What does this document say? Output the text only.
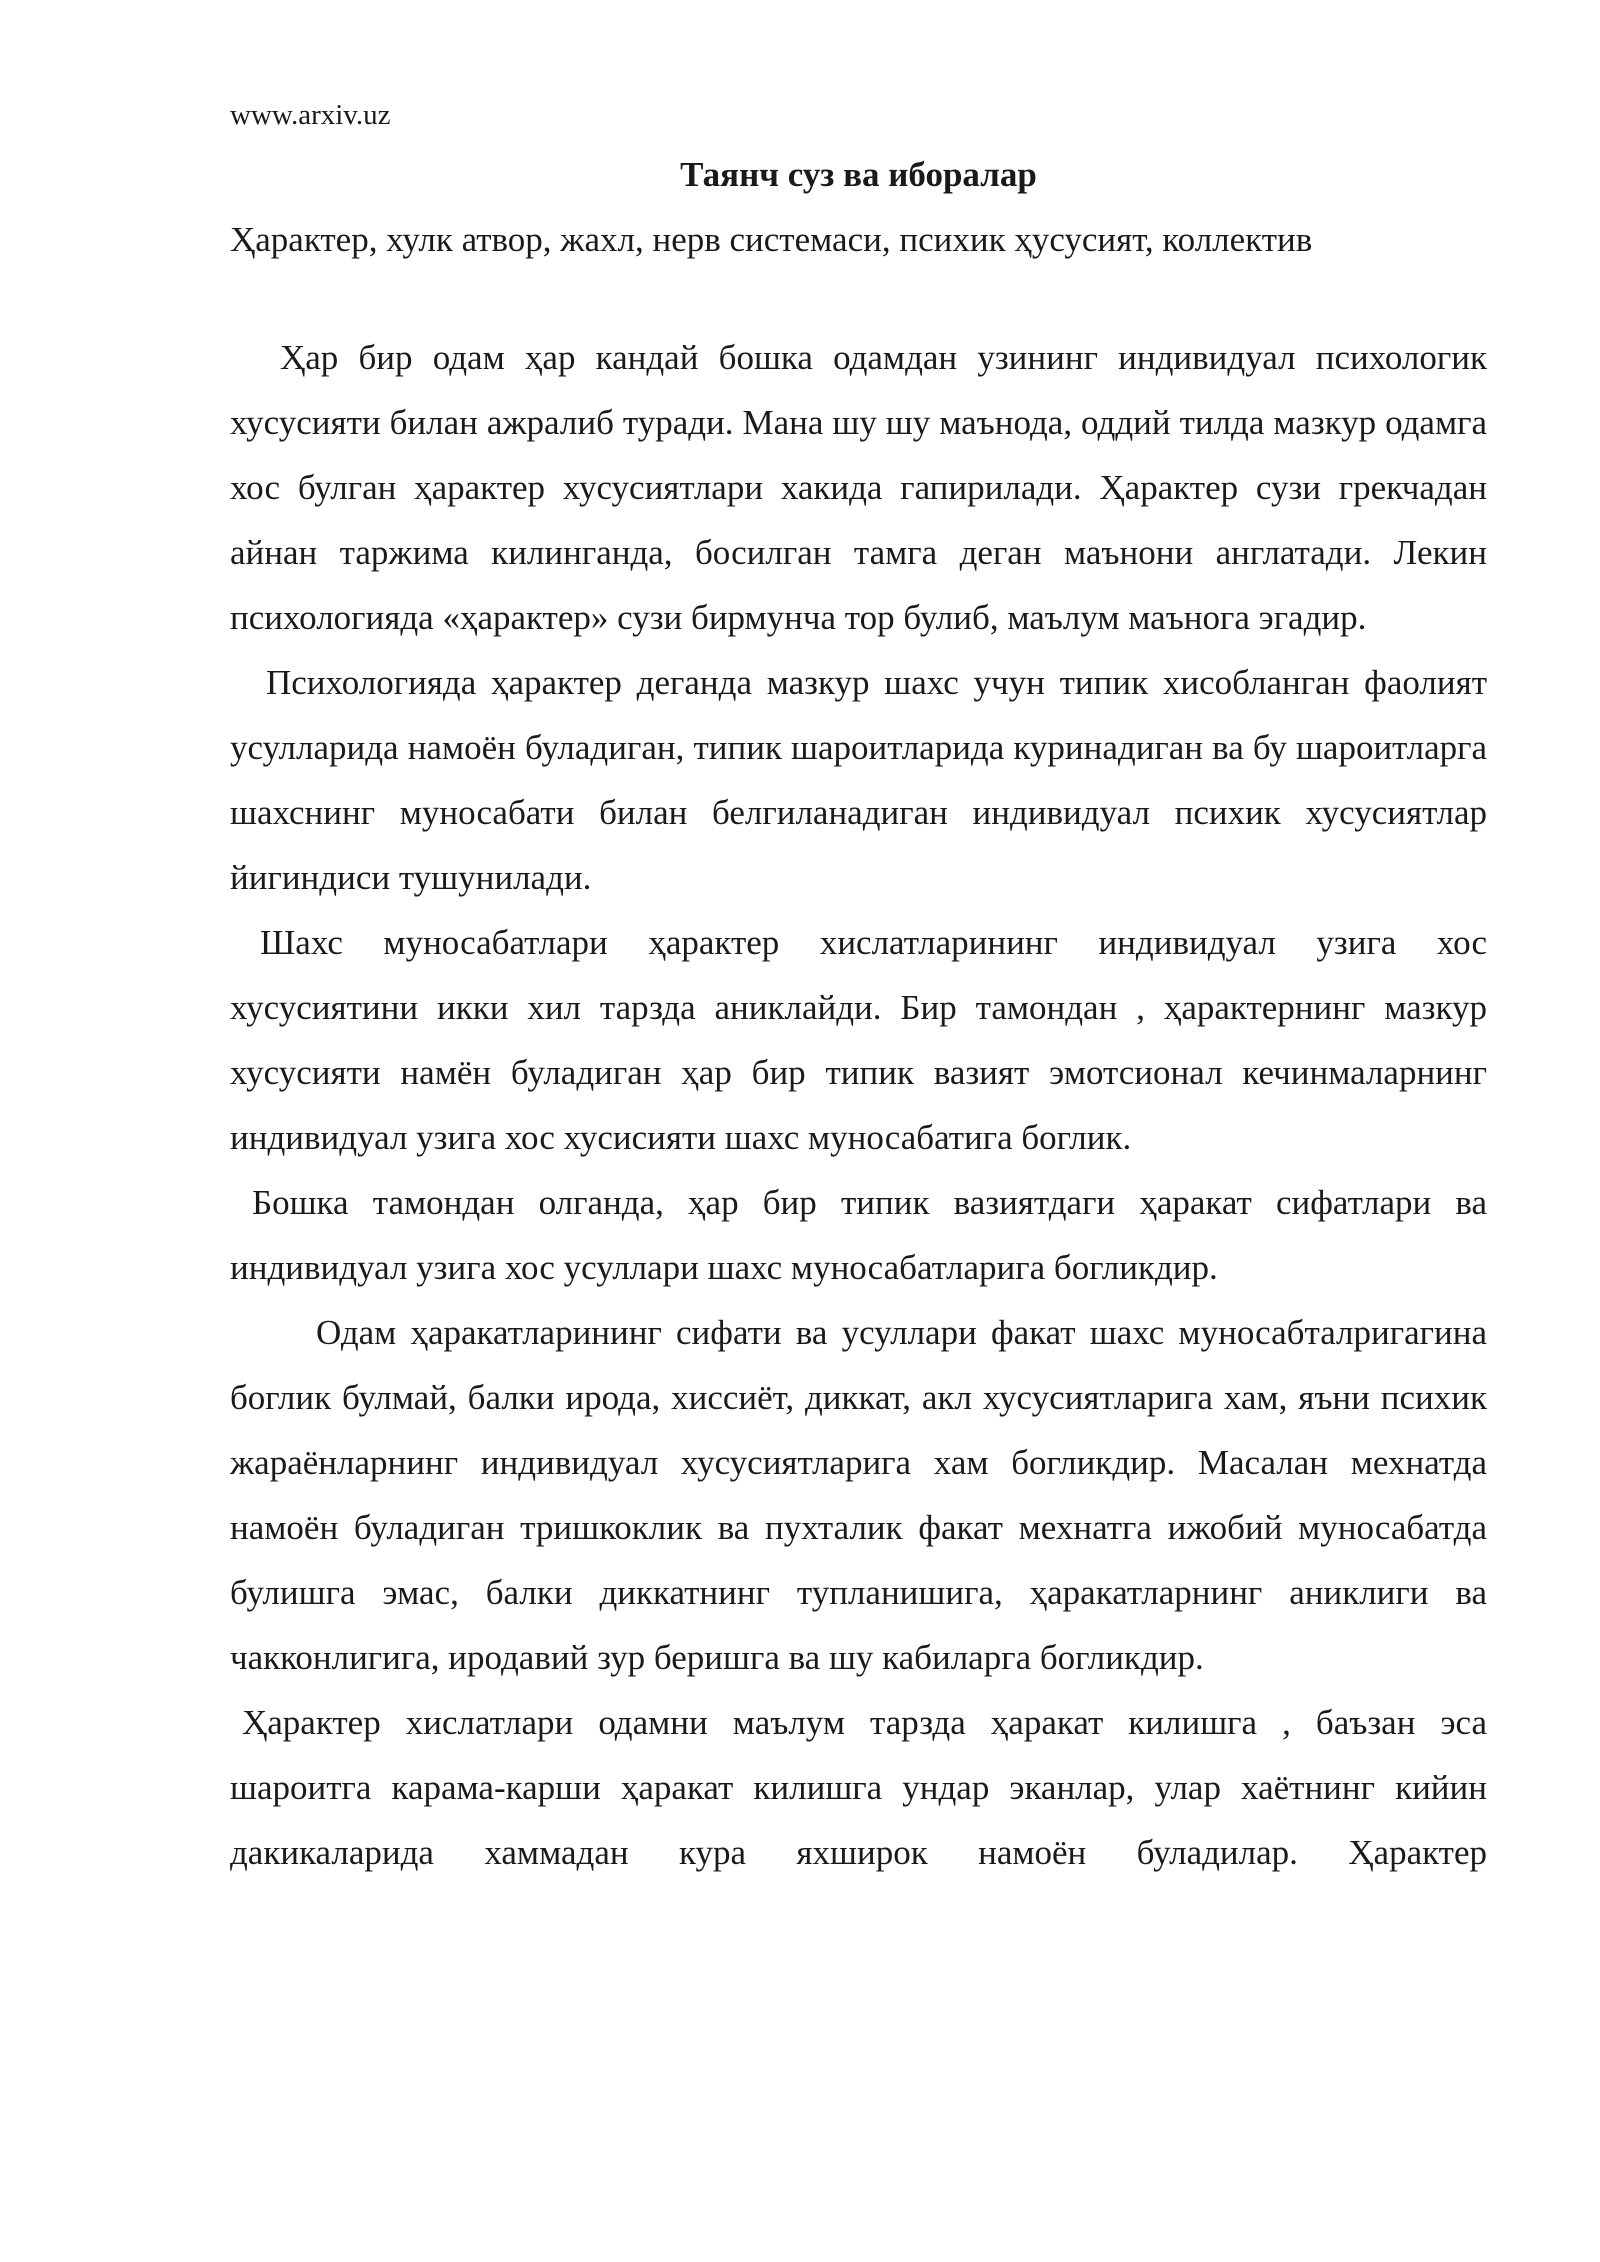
www.arxiv.uz

Таянч суз ва иборалар

Ҳарактер, хулк атвор, жахл, нерв системаси, психик ҳусусият, коллектив

Ҳар бир одам ҳар кандай бошка одамдан узининг индивидуал психологик хусусияти билан ажралиб туради. Мана шу шу маънода, оддий тилда мазкур одамга хос булган ҳарактер хусусиятлари хакида гапирилади. Ҳарактер сузи грекчадан айнан таржима килинганда, босилган тамга деган маънони англатади. Лекин психологияда «ҳарактер» сузи бирмунча тор булиб, маълум маънога эгадир.

Психологияда ҳарактер деганда мазкур шахс учун типик хисобланган фаолият усулларида намоён буладиган, типик шароитларида куринадиган ва бу шароитларга шахснинг муносабати билан белгиланадиган индивидуал психик хусусиятлар йигиндиси тушунилади.

Шахс муносабатлари ҳарактер хислатларининг индивидуал узига хос хусусиятини икки хил тарзда аниклайди. Бир тамондан , ҳарактернинг мазкур хусусияти намён буладиган ҳар бир типик вазият эмотсионал кечинмаларнинг индивидуал узига хос хусисияти шахс муносабатига боглик.

Бошка тамондан олганда, ҳар бир типик вазиятдаги ҳаракат сифатлари ва индивидуал узига хос усуллари шахс муносабатларига богликдир.

Одам ҳаракатларининг сифати ва усуллари факат шахс муносабталригагина боглик булмай, балки ирода, хиссиёт, диккат, акл хусусиятларига хам, яъни психик жараёнларнинг индивидуал хусусиятларига хам богликдир. Масалан мехнатда намоён буладиган тришкоклик ва пухталик факат мехнатга ижобий муносабатда булишга эмас, балки диккатнинг тупланишига, ҳаракатларнинг аниклиги ва чакконлигига, иродавий зур беришга ва шу кабиларга богликдир.

Ҳарактер хислатлари одамни маълум тарзда ҳаракат килишга , баъзан эса шароитга карама-карши ҳаракат килишга ундар эканлар, улар хаётнинг кийин дакикаларида хаммадан кура яхширок намоён буладилар. Ҳарактер
